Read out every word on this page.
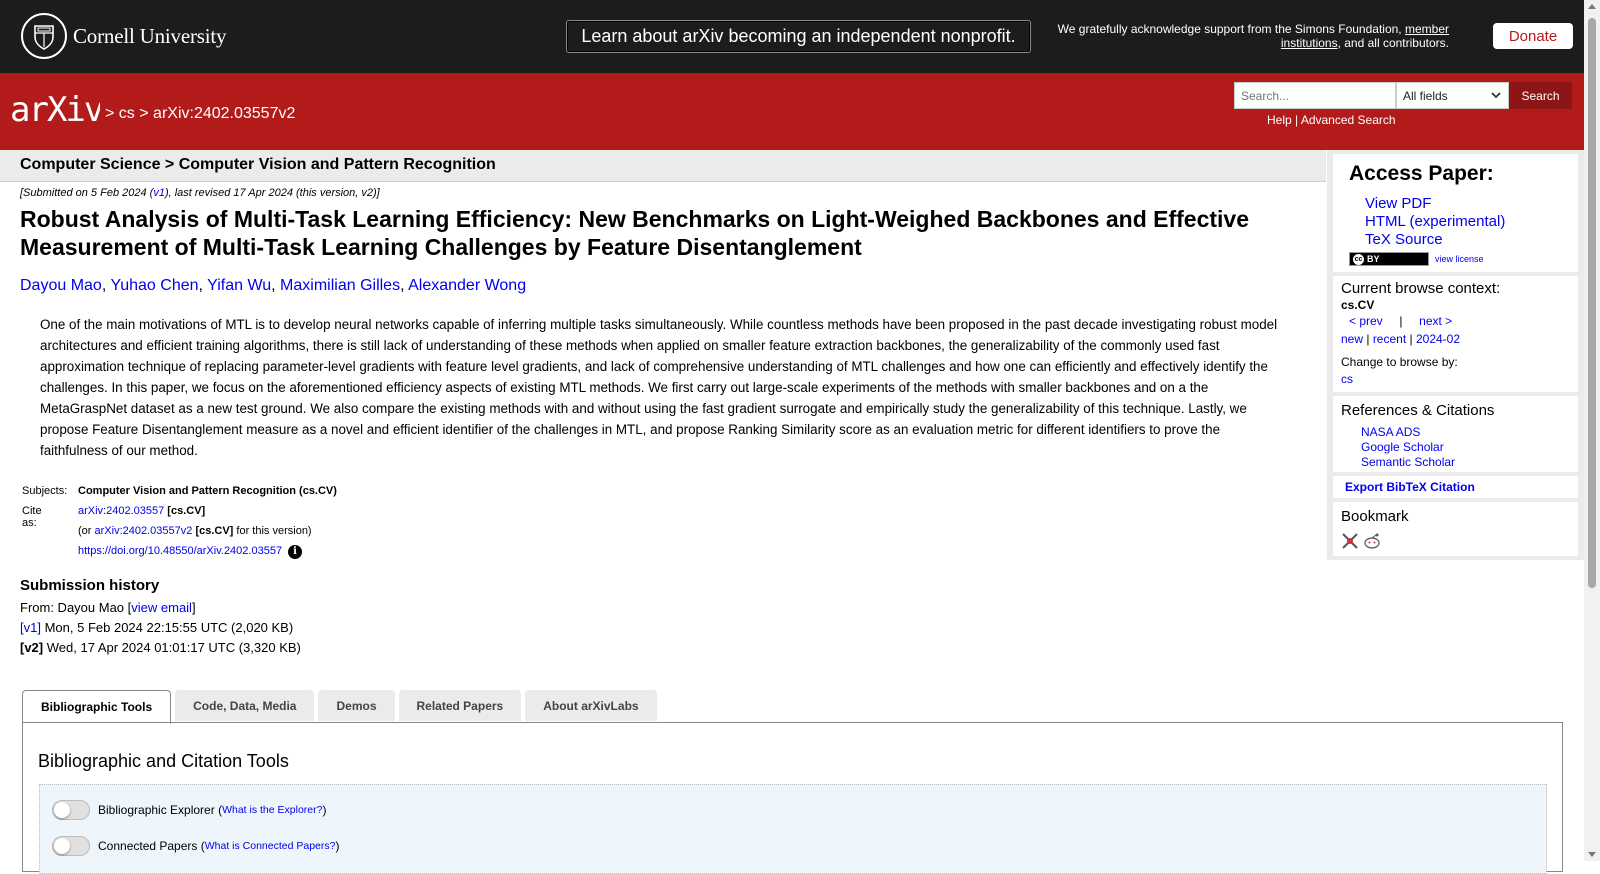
Cornell University	Learn about arXiv becoming an independent nonprofit.	We gratefully acknowledge support from the Simons Foundation, member institutions, and all contributors.	Donate
arXiv > cs > arXiv:2402.03557v2
Search...
All fields	Search
Help | Advanced Search
Computer Science > Computer Vision and Pattern Recognition
[Submitted on 5 Feb 2024 (v1), last revised 17 Apr 2024 (this version, v2)]
Robust Analysis of Multi-Task Learning Efficiency: New Benchmarks on Light-Weighed Backbones and Effective Measurement of Multi-Task Learning Challenges by Feature Disentanglement
Dayou Mao, Yuhao Chen, Yifan Wu, Maximilian Gilles, Alexander Wong
One of the main motivations of MTL is to develop neural networks capable of inferring multiple tasks simultaneously. While countless methods have been proposed in the past decade investigating robust model architectures and efficient training algorithms, there is still lack of understanding of these methods when applied on smaller feature extraction backbones, the generalizability of the commonly used fast approximation technique of replacing parameter-level gradients with feature level gradients, and lack of comprehensive understanding of MTL challenges and how one can efficiently and effectively identify the challenges. In this paper, we focus on the aforementioned efficiency aspects of existing MTL methods. We first carry out large-scale experiments of the methods with smaller backbones and on a the MetaGraspNet dataset as a new test ground. We also compare the existing methods with and without using the fast gradient surrogate and empirically study the generalizability of this technique. Lastly, we propose Feature Disentanglement measure as a novel and efficient identifier of the challenges in MTL, and propose Ranking Similarity score as an evaluation metric for different identifiers to prove the faithfulness of our method.
Subjects: Computer Vision and Pattern Recognition (cs.CV)
Cite as:
arXiv:2402.03557 [cs.CV]
(or arXiv:2402.03557v2 [cs.CV] for this version)
https://doi.org/10.48550/arXiv.2402.03557 i
Submission history
From: Dayou Mao [view email]
[v1] Mon, 5 Feb 2024 22:15:55 UTC (2,020 KB)
[v2] Wed, 17 Apr 2024 01:01:17 UTC (3,320 KB)
Bibliographic Tools	Code, Data, Media	Demos	Related Papers	About arXivLabs
Bibliographic and Citation Tools
Bibliographic Explorer ( What is the Explorer? )
Connected Papers ( What is Connected Papers? )
Access Paper:
View PDF
HTML (experimental)
TeX Source
cc BY	view license
Current browse context:
cs.CV
< prev | next >
new | recent | 2024-02
Change to browse by:
cs
References & Citations
NASA ADS
Google Scholar
Semantic Scholar
Export BibTeX Citation
Bookmark
